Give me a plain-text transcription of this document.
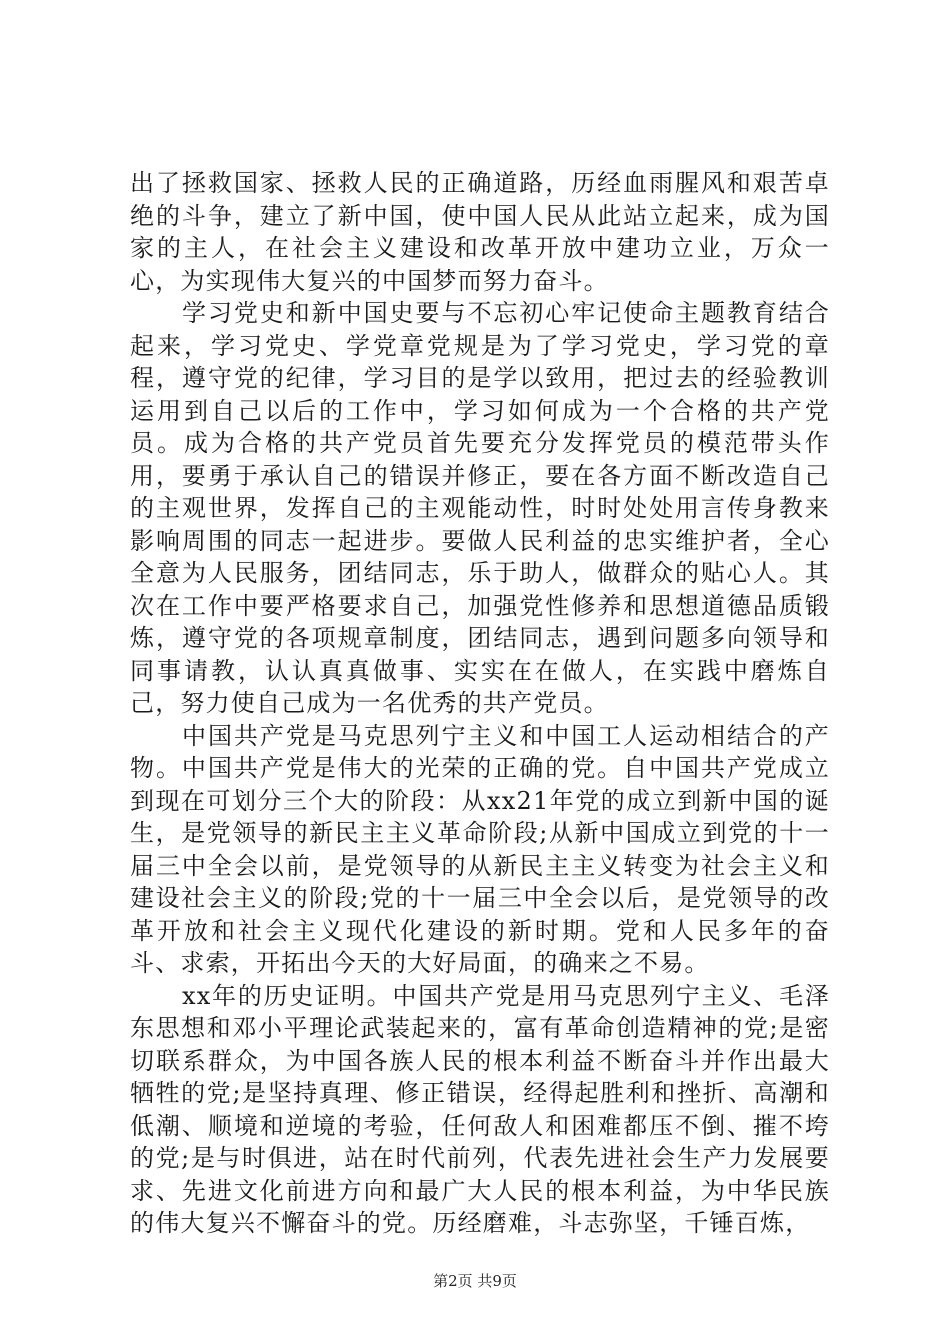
出了拯救国家、拯救人民的正确道路，历经血雨腥风和艰苦卓绝的斗争，建立了新中国，使中国人民从此站立起来，成为国家的主人，在社会主义建设和改革开放中建功立业，万众一心，为实现伟大复兴的中国梦而努力奋斗。

学习党史和新中国史要与不忘初心牢记使命主题教育结合起来，学习党史、学党章党规是为了学习党史，学习党的章程，遵守党的纪律，学习目的是学以致用，把过去的经验教训运用到自己以后的工作中，学习如何成为一个合格的共产党员。成为合格的共产党员首先要充分发挥党员的模范带头作用，要勇于承认自己的错误并修正，要在各方面不断改造自己的主观世界，发挥自己的主观能动性，时时处处用言传身教来影响周围的同志一起进步。要做人民利益的忠实维护者，全心全意为人民服务，团结同志，乐于助人，做群众的贴心人。其次在工作中要严格要求自己，加强党性修养和思想道德品质锻炼，遵守党的各项规章制度，团结同志，遇到问题多向领导和同事请教，认认真真做事、实实在在做人，在实践中磨炼自己，努力使自己成为一名优秀的共产党员。

中国共产党是马克思列宁主义和中国工人运动相结合的产物。中国共产党是伟大的光荣的正确的党。自中国共产党成立到现在可划分三个大的阶段：从xx21年党的成立到新中国的诞生，是党领导的新民主主义革命阶段;从新中国成立到党的十一届三中全会以前，是党领导的从新民主主义转变为社会主义和建设社会主义的阶段;党的十一届三中全会以后，是党领导的改革开放和社会主义现代化建设的新时期。党和人民多年的奋斗、求索，开拓出今天的大好局面，的确来之不易。

xx年的历史证明。中国共产党是用马克思列宁主义、毛泽东思想和邓小平理论武装起来的，富有革命创造精神的党;是密切联系群众，为中国各族人民的根本利益不断奋斗并作出最大牺牲的党;是坚持真理、修正错误，经得起胜利和挫折、高潮和低潮、顺境和逆境的考验，任何敌人和困难都压不倒、摧不垮的党;是与时俱进，站在时代前列，代表先进社会生产力发展要求、先进文化前进方向和最广大人民的根本利益，为中华民族的伟大复兴不懈奋斗的党。历经磨难，斗志弥坚，千锤百炼，

第2页 共9页
